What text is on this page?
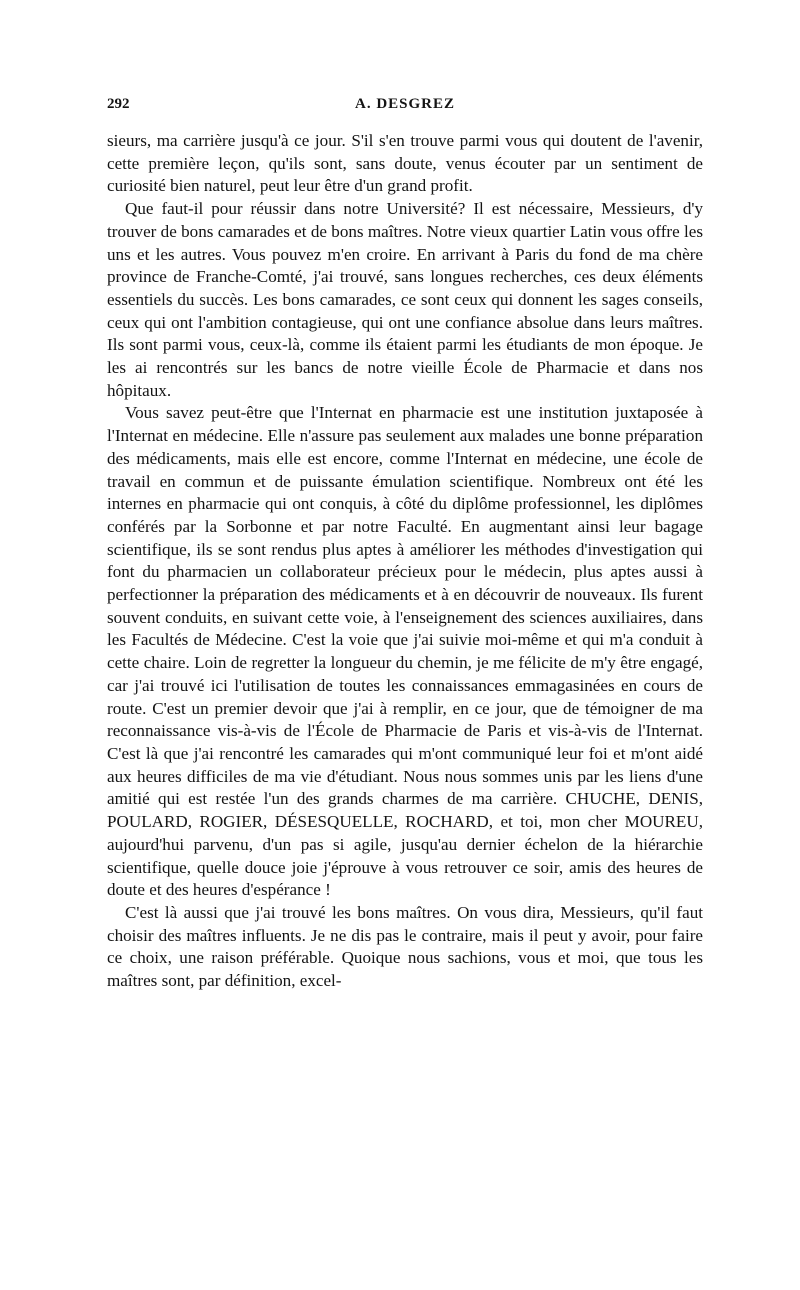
292	A. DESGREZ

sieurs, ma carrière jusqu'à ce jour. S'il s'en trouve parmi vous qui doutent de l'avenir, cette première leçon, qu'ils sont, sans doute, venus écouter par un sentiment de curiosité bien naturel, peut leur être d'un grand profit.

Que faut-il pour réussir dans notre Université? Il est nécessaire, Messieurs, d'y trouver de bons camarades et de bons maîtres. Notre vieux quartier Latin vous offre les uns et les autres. Vous pouvez m'en croire. En arrivant à Paris du fond de ma chère province de Franche-Comté, j'ai trouvé, sans longues recherches, ces deux éléments essentiels du succès. Les bons camarades, ce sont ceux qui donnent les sages conseils, ceux qui ont l'ambition contagieuse, qui ont une confiance absolue dans leurs maîtres. Ils sont parmi vous, ceux-là, comme ils étaient parmi les étudiants de mon époque. Je les ai rencontrés sur les bancs de notre vieille École de Pharmacie et dans nos hôpitaux.

Vous savez peut-être que l'Internat en pharmacie est une institution juxtaposée à l'Internat en médecine. Elle n'assure pas seulement aux malades une bonne préparation des médicaments, mais elle est encore, comme l'Internat en médecine, une école de travail en commun et de puissante émulation scientifique. Nombreux ont été les internes en pharmacie qui ont conquis, à côté du diplôme professionnel, les diplômes conférés par la Sorbonne et par notre Faculté. En augmentant ainsi leur bagage scientifique, ils se sont rendus plus aptes à améliorer les méthodes d'investigation qui font du pharmacien un collaborateur précieux pour le médecin, plus aptes aussi à perfectionner la préparation des médicaments et à en découvrir de nouveaux. Ils furent souvent conduits, en suivant cette voie, à l'enseignement des sciences auxiliaires, dans les Facultés de Médecine. C'est la voie que j'ai suivie moi-même et qui m'a conduit à cette chaire. Loin de regretter la longueur du chemin, je me félicite de m'y être engagé, car j'ai trouvé ici l'utilisation de toutes les connaissances emmagasinées en cours de route. C'est un premier devoir que j'ai à remplir, en ce jour, que de témoigner de ma reconnaissance vis-à-vis de l'École de Pharmacie de Paris et vis-à-vis de l'Internat. C'est là que j'ai rencontré les camarades qui m'ont communiqué leur foi et m'ont aidé aux heures difficiles de ma vie d'étudiant. Nous nous sommes unis par les liens d'une amitié qui est restée l'un des grands charmes de ma carrière. CHUCHE, DENIS, POULARD, ROGIER, DÉSESQUELLE, ROCHARD, et toi, mon cher MOUREU, aujourd'hui parvenu, d'un pas si agile, jusqu'au dernier échelon de la hiérarchie scientifique, quelle douce joie j'éprouve à vous retrouver ce soir, amis des heures de doute et des heures d'espérance !

C'est là aussi que j'ai trouvé les bons maîtres. On vous dira, Messieurs, qu'il faut choisir des maîtres influents. Je ne dis pas le contraire, mais il peut y avoir, pour faire ce choix, une raison préférable. Quoique nous sachions, vous et moi, que tous les maîtres sont, par définition, excel-
